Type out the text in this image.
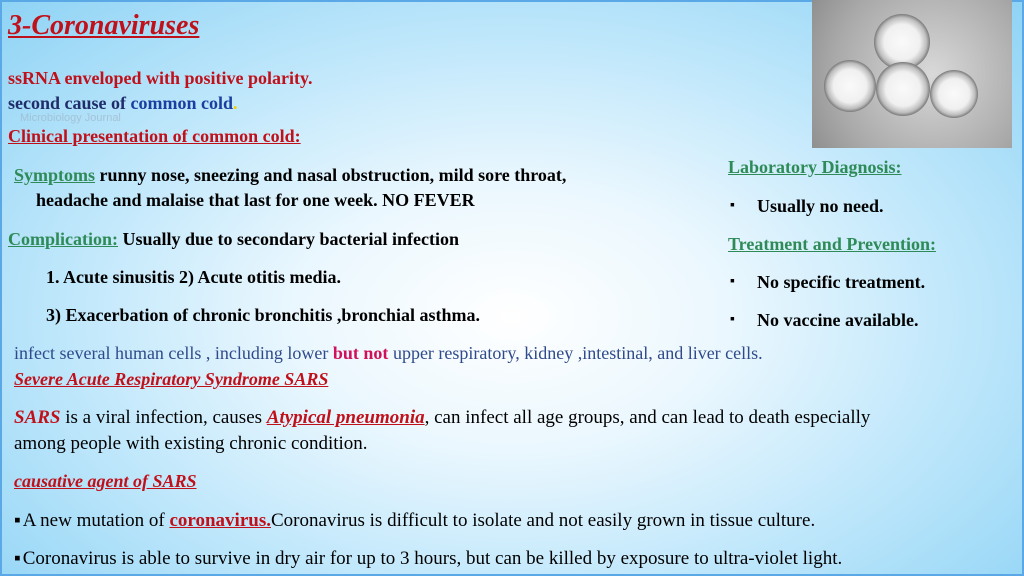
3-Coronaviruses
ssRNA enveloped with positive polarity.
second cause of common cold.
Microbiology Journal
Clinical presentation of common cold:
Symptoms runny nose, sneezing and nasal obstruction, mild sore throat,
headache and malaise that last for one week. NO FEVER
Complication: Usually due to secondary bacterial infection
1. Acute sinusitis 2) Acute otitis media.
3) Exacerbation of chronic bronchitis ,bronchial asthma.
Laboratory Diagnosis:
▪ Usually no need.
Treatment and Prevention:
▪ No specific treatment.
▪ No vaccine available.
infect several human cells , including lower but not upper respiratory, kidney ,intestinal, and liver cells.
Severe Acute Respiratory Syndrome SARS
SARS is a viral infection, causes Atypical pneumonia, can infect all age groups, and can lead to death especially
among people with existing chronic condition.
causative agent of SARS
▪ A new mutation of coronavirus.Coronavirus is difficult to isolate and not easily grown in tissue culture.
▪ Coronavirus is able to survive in dry air for up to 3 hours, but can be killed by exposure to ultra-violet light.
